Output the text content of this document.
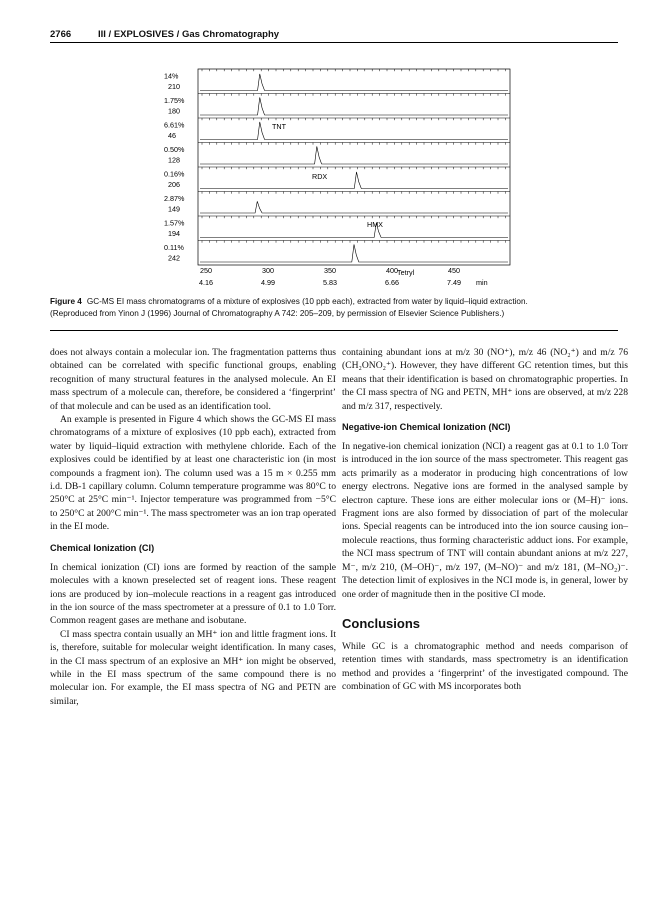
2766	III / EXPLOSIVES / Gas Chromatography
14%
210
1.75%
180
6.61%
46
0.50%
128
0.16%
206
2.87%
149
1.57%
194
0.11%
242
TNT
RDX
HMX
Tetryl
250	300	350	400	450
4.16	4.99	5.83	6.66	7.49 min
Figure 4 GC-MS EI mass chromatograms of a mixture of explosives (10 ppb each), extracted from water by liquid–liquid extraction.
(Reproduced from Yinon J (1996) Journal of Chromatography A 742: 205–209, by permission of Elsevier Science Publishers.)

does not always contain a molecular ion. The fragmentation patterns thus obtained can be correlated with specific functional groups, enabling recognition of many structural features in the analysed molecule. An EI mass spectrum of a molecule can, therefore, be considered a ‘fingerprint’ of that molecule and can be used as an identification tool.

An example is presented in Figure 4 which shows the GC-MS EI mass chromatograms of a mixture of explosives (10 ppb each), extracted from water by liquid–liquid extraction with methylene chloride. Each of the explosives could be identified by at least one characteristic ion (in most compounds a fragment ion). The column used was a 15 m × 0.255 mm i.d. DB-1 capillary column. Column temperature programme was 80°C to 250°C at 25°C min⁻¹. Injector temperature was programmed from −5°C to 250°C at 200°C min⁻¹. The mass spectrometer was an ion trap operated in the EI mode.

Chemical Ionization (CI)

In chemical ionization (CI) ions are formed by reaction of the sample molecules with a known preselected set of reagent ions. These reagent ions are produced by ion–molecule reactions in a reagent gas introduced in the ion source of the mass spectrometer at a pressure of 0.1 to 1.0 Torr. Common reagent gases are methane and isobutane.

CI mass spectra contain usually an MH⁺ ion and little fragment ions. It is, therefore, suitable for molecular weight identification. In many cases, in the CI mass spectrum of an explosive an MH⁺ ion might be observed, while in the EI mass spectrum of the same compound there is no molecular ion. For example, the EI mass spectra of NG and PETN are similar,

containing abundant ions at m/z 30 (NO⁺), m/z 46 (NO₂⁺) and m/z 76 (CH₂ONO₂⁺). However, they have different GC retention times, but this means that their identification is based on chromatographic properties. In the CI mass spectra of NG and PETN, MH⁺ ions are observed, at m/z 228 and m/z 317, respectively.

Negative-ion Chemical Ionization (NCI)

In negative-ion chemical ionization (NCI) a reagent gas at 0.1 to 1.0 Torr is introduced in the ion source of the mass spectrometer. This reagent gas acts primarily as a moderator in producing high concentrations of low energy electrons. Negative ions are formed in the analysed sample by electron capture. These ions are either molecular ions or (M–H)⁻ ions. Fragment ions are also formed by dissociation of part of the molecular ions. Special reagents can be introduced into the ion source causing ion–molecule reactions, thus forming characteristic adduct ions. For example, the NCI mass spectrum of TNT will contain abundant anions at m/z 227, M⁻, m/z 210, (M–OH)⁻, m/z 197, (M–NO)⁻ and m/z 181, (M–NO₂)⁻. The detection limit of explosives in the NCI mode is, in general, lower by one order of magnitude then in the positive CI mode.

Conclusions

While GC is a chromatographic method and needs comparison of retention times with standards, mass spectrometry is an identification method and provides a ‘fingerprint’ of the investigated compound. The combination of GC with MS incorporates both
